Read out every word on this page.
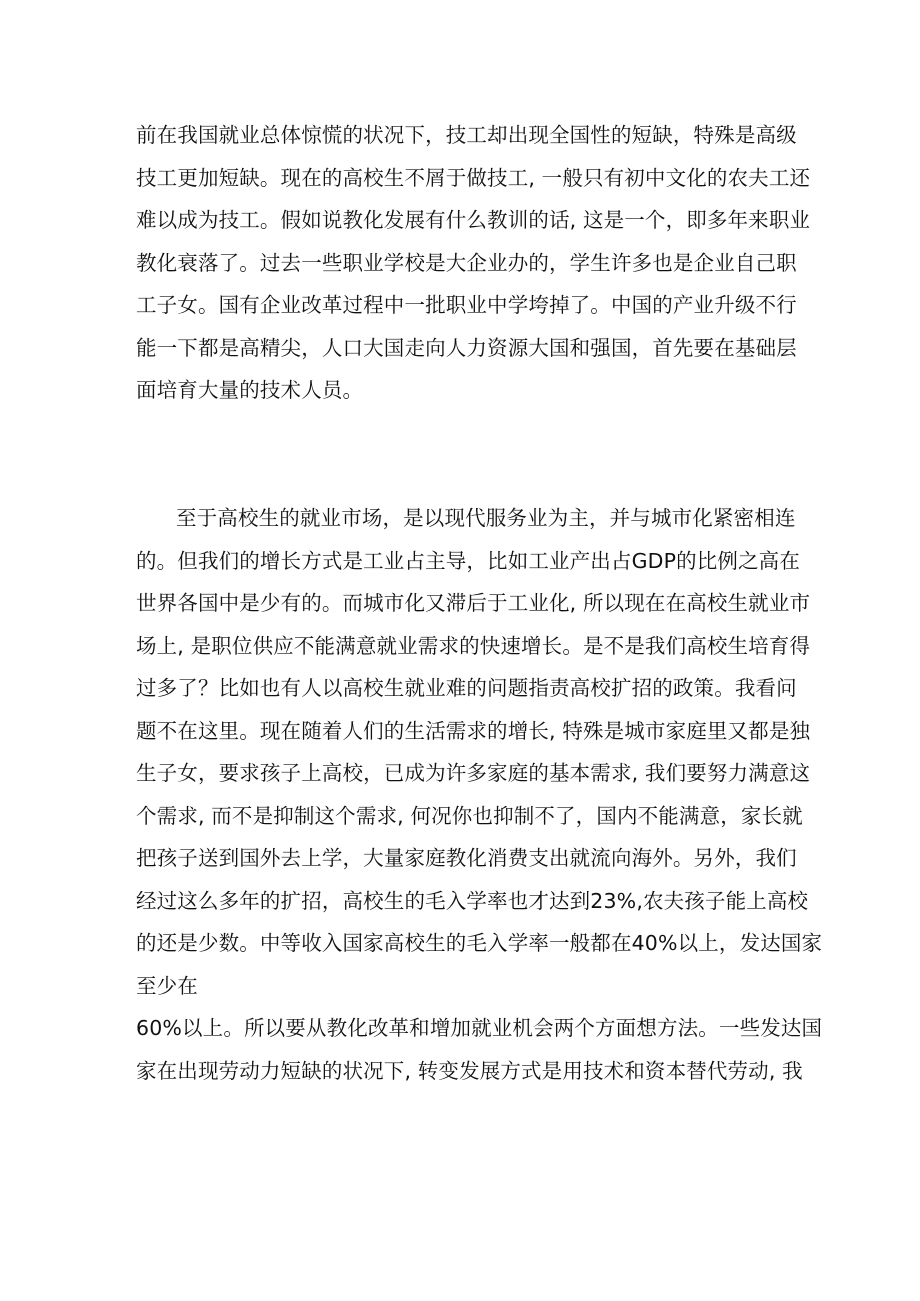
前在我国就业总体惊慌的状况下，技工却出现全国性的短缺，特殊是高级
技工更加短缺。现在的高校生不屑于做技工, 一般只有初中文化的农夫工还
难以成为技工。假如说教化发展有什么教训的话, 这是一个，即多年来职业
教化衰落了。过去一些职业学校是大企业办的，学生许多也是企业自己职
工子女。国有企业改革过程中一批职业中学垮掉了。中国的产业升级不行
能一下都是高精尖，人口大国走向人力资源大国和强国，首先要在基础层
面培育大量的技术人员。
至于高校生的就业市场，是以现代服务业为主，并与城市化紧密相连
的。但我们的增长方式是工业占主导，比如工业产出占GDP的比例之高在
世界各国中是少有的。而城市化又滞后于工业化, 所以现在在高校生就业市
场上, 是职位供应不能满意就业需求的快速增长。是不是我们高校生培育得
过多了？比如也有人以高校生就业难的问题指责高校扩招的政策。我看问
题不在这里。现在随着人们的生活需求的增长, 特殊是城市家庭里又都是独
生子女，要求孩子上高校，已成为许多家庭的基本需求, 我们要努力满意这
个需求, 而不是抑制这个需求, 何况你也抑制不了，国内不能满意，家长就
把孩子送到国外去上学，大量家庭教化消费支出就流向海外。另外，我们
经过这么多年的扩招，高校生的毛入学率也才达到23%,农夫孩子能上高校
的还是少数。中等收入国家高校生的毛入学率一般都在40%以上，发达国家
至少在
60%以上。所以要从教化改革和增加就业机会两个方面想方法。一些发达国
家在出现劳动力短缺的状况下, 转变发展方式是用技术和资本替代劳动, 我
